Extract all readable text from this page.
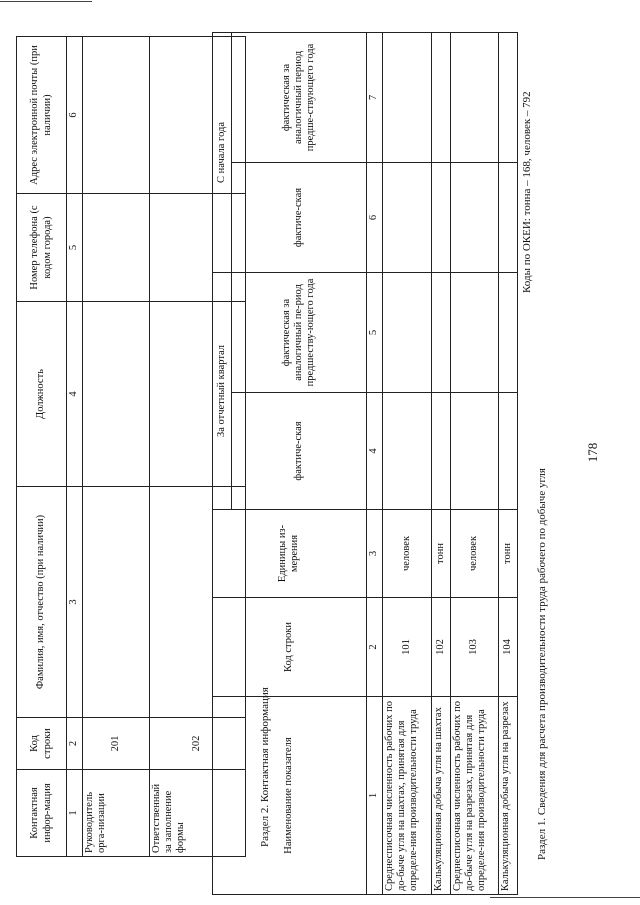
178
Раздел 1. Сведения для расчета производительности труда рабочего по добыче угля
Коды по ОКЕИ: тонна – 168, человек – 792
Наименование показателя	Код строки	Единицы из-мерения	За отчетный квартал		С начала года	
			фактиче-ская	фактическая за аналогичный пе-риод предшеству-ющего года	фактиче-ская	фактическая за аналогичный период предше-ствующего года
1	2	3	4	5	6	7
Среднесписочная численность рабочих по до-быче угля на шахтах, принятая для определе-ния производительности труда	101	человек				
Калькуляционная добыча угля на шахтах	102	тонн				
Среднесписочная численность рабочих по до-быче угля на разрезах, принятая для определе-ния производительности труда	103	человек				
Калькуляционная добыча угля на разрезах	104	тонн				
Раздел 2. Контактная информация
Контактная инфор-мация	Код строки	Фамилия, имя, отчество (при наличии)	Должность	Номер телефона (с кодом города)	Адрес электронной почты (при наличии)
1	2	3	4	5	6
Руководитель орга-низации	201				
Ответственный за заполнение формы	202				
